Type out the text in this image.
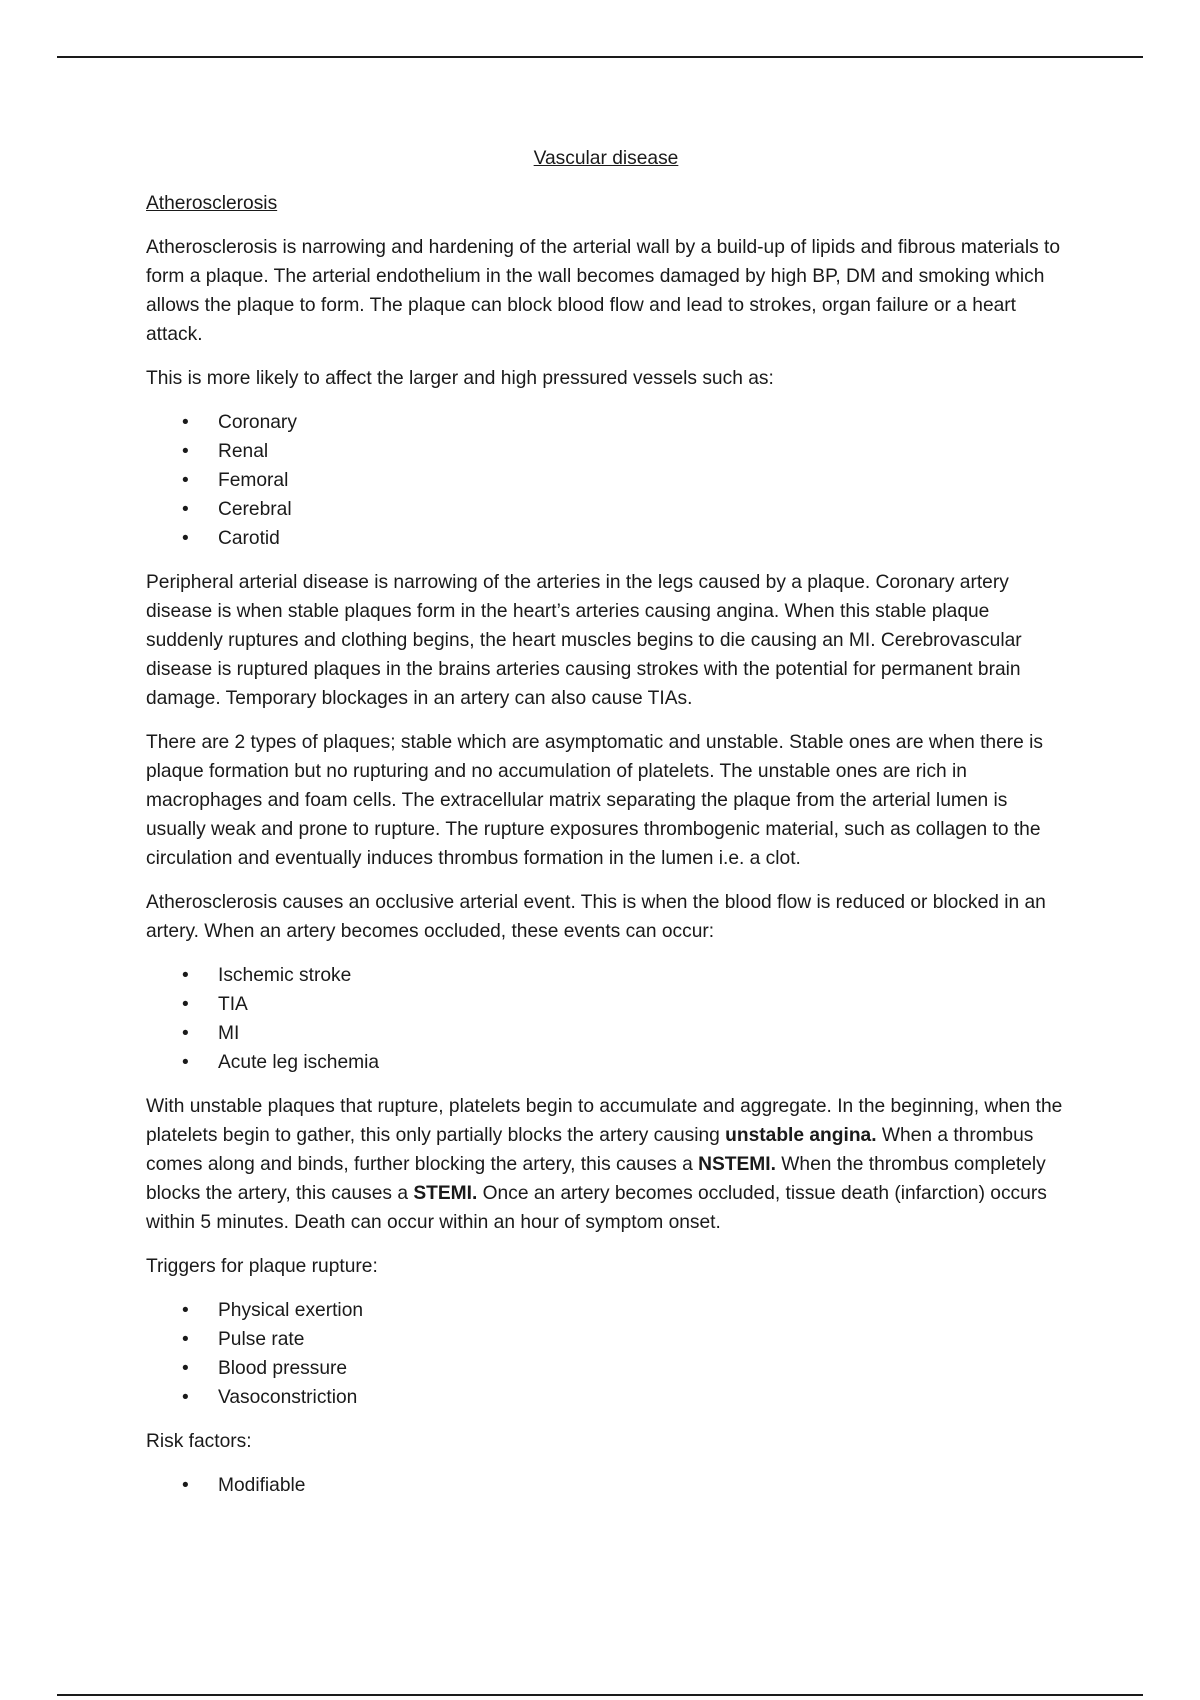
Vascular disease
Atherosclerosis

Atherosclerosis is narrowing and hardening of the arterial wall by a build-up of lipids and fibrous materials to form a plaque. The arterial endothelium in the wall becomes damaged by high BP, DM and smoking which allows the plaque to form. The plaque can block blood flow and lead to strokes, organ failure or a heart attack.

This is more likely to affect the larger and high pressured vessels such as:

• Coronary
• Renal
• Femoral
• Cerebral
• Carotid

Peripheral arterial disease is narrowing of the arteries in the legs caused by a plaque. Coronary artery disease is when stable plaques form in the heart’s arteries causing angina. When this stable plaque suddenly ruptures and clothing begins, the heart muscles begins to die causing an MI. Cerebrovascular disease is ruptured plaques in the brains arteries causing strokes with the potential for permanent brain damage. Temporary blockages in an artery can also cause TIAs.

There are 2 types of plaques; stable which are asymptomatic and unstable. Stable ones are when there is plaque formation but no rupturing and no accumulation of platelets. The unstable ones are rich in macrophages and foam cells. The extracellular matrix separating the plaque from the arterial lumen is usually weak and prone to rupture. The rupture exposures thrombogenic material, such as collagen to the circulation and eventually induces thrombus formation in the lumen i.e. a clot.

Atherosclerosis causes an occlusive arterial event. This is when the blood flow is reduced or blocked in an artery. When an artery becomes occluded, these events can occur:

• Ischemic stroke
• TIA
• MI
• Acute leg ischemia

With unstable plaques that rupture, platelets begin to accumulate and aggregate. In the beginning, when the platelets begin to gather, this only partially blocks the artery causing unstable angina. When a thrombus comes along and binds, further blocking the artery, this causes a NSTEMI. When the thrombus completely blocks the artery, this causes a STEMI. Once an artery becomes occluded, tissue death (infarction) occurs within 5 minutes. Death can occur within an hour of symptom onset.

Triggers for plaque rupture:

• Physical exertion
• Pulse rate
• Blood pressure
• Vasoconstriction

Risk factors:

• Modifiable
